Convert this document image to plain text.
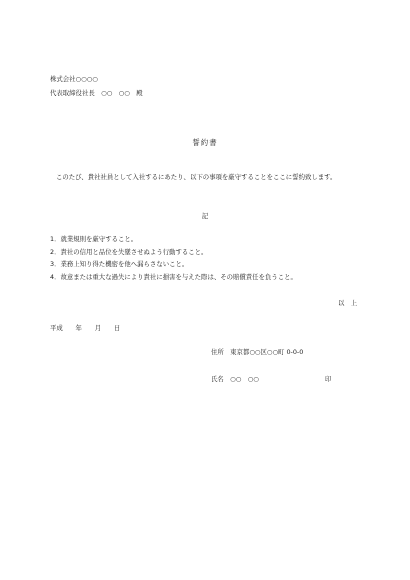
株式会社○○○○
代表取締役社長　○○　○○　殿
誓約書
このたび、貴社社員として入社するにあたり、以下の事項を厳守することをここに誓約致します。
記
1．就業規則を厳守すること。
2．貴社の信用と品位を失墜させぬよう行動すること。
3．業務上知り得た機密を他へ漏らさないこと。
4．故意または重大な過失により貴社に損害を与えた際は、その賠償責任を負うこと。
以　上
平成　　年　　月　　日
住所　東京都○○区○○町 0-0-0
氏名　○○　○○	印
